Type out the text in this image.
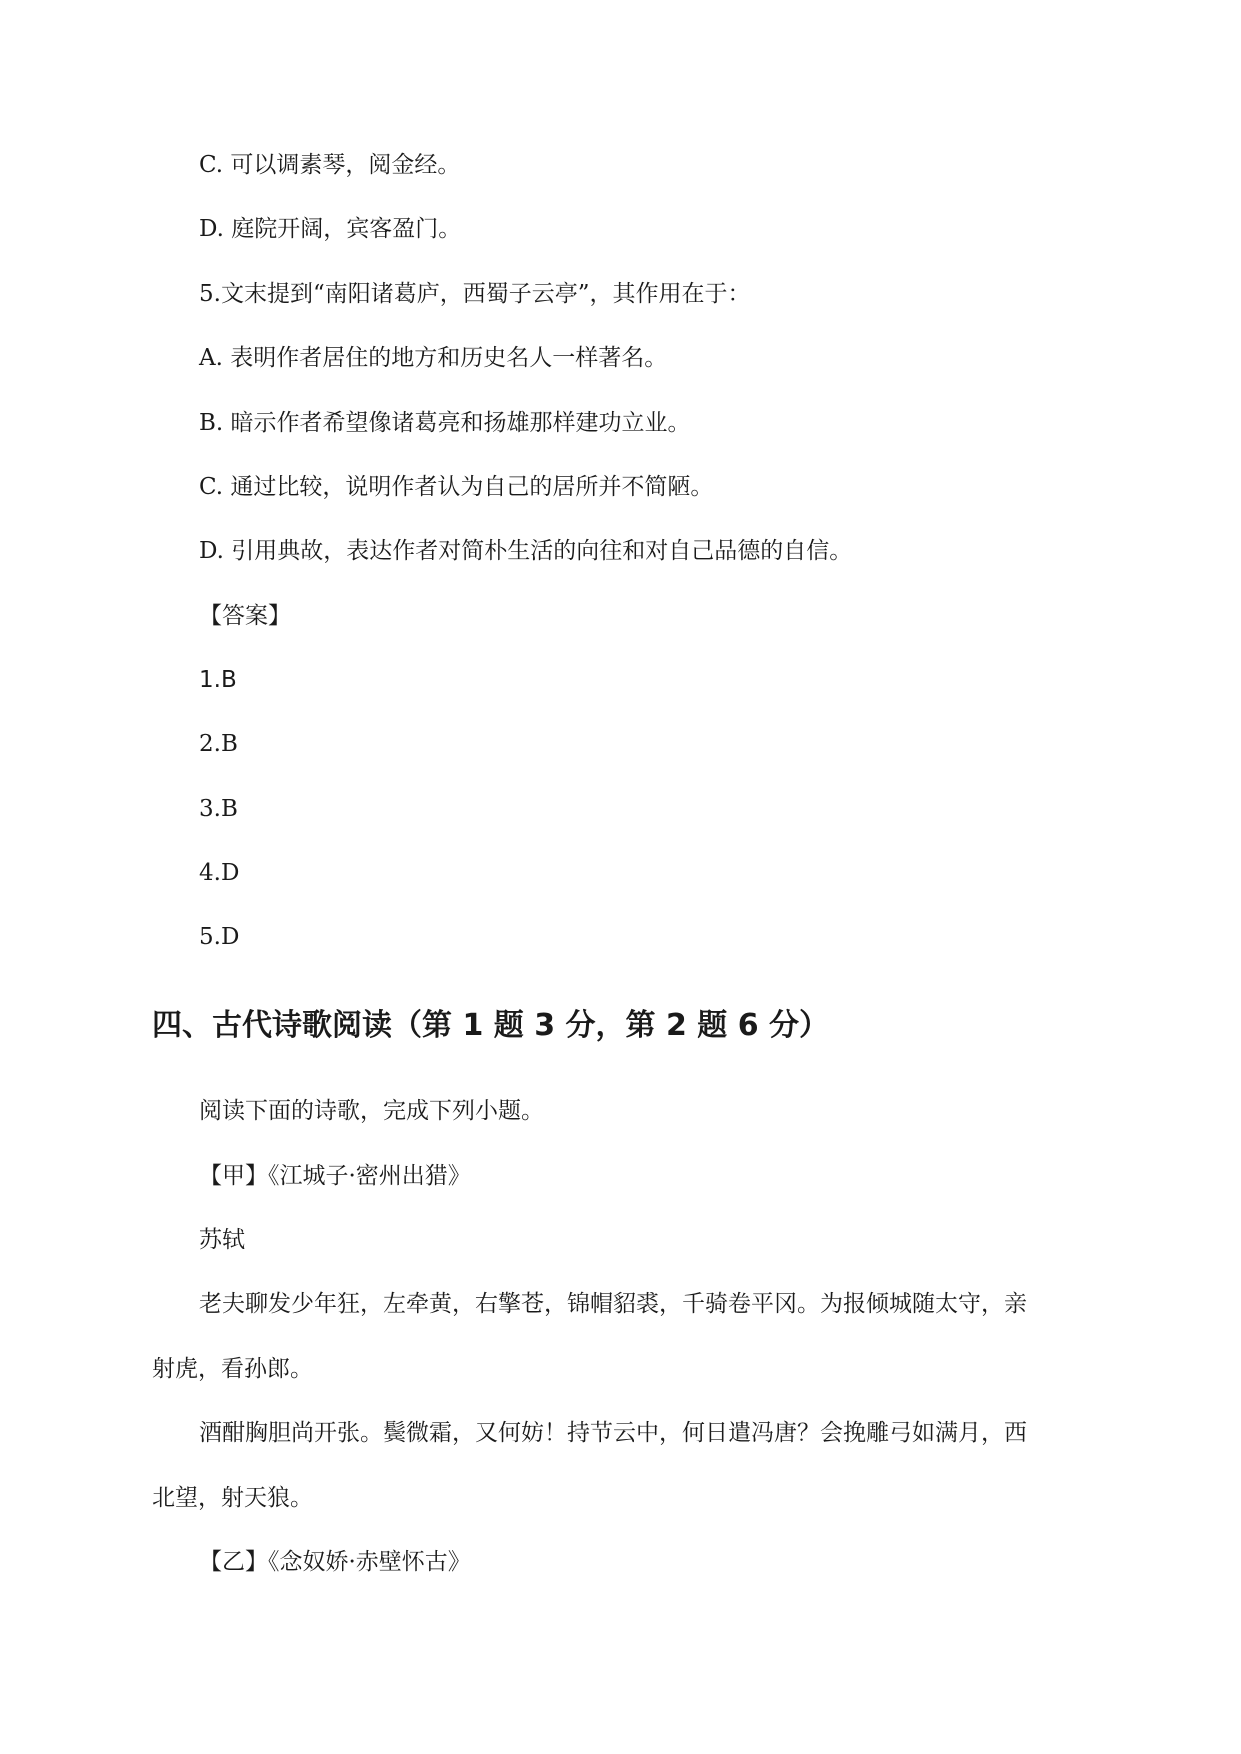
C. 可以调素琴，阅金经。

D. 庭院开阔，宾客盈门。

5.文末提到“南阳诸葛庐，西蜀子云亭”，其作用在于：

A. 表明作者居住的地方和历史名人一样著名。

B. 暗示作者希望像诸葛亮和扬雄那样建功立业。

C. 通过比较，说明作者认为自己的居所并不简陋。

D. 引用典故，表达作者对简朴生活的向往和对自己品德的自信。

【答案】

1.B

2.B

3.B

4.D

5.D

四、古代诗歌阅读（第 1 题 3 分，第 2 题 6 分）

阅读下面的诗歌，完成下列小题。

【甲】《江城子·密州出猎》

苏轼

老夫聊发少年狂，左牵黄，右擎苍，锦帽貂裘，千骑卷平冈。为报倾城随太守，亲

射虎，看孙郎。

酒酣胸胆尚开张。鬓微霜，又何妨！持节云中，何日遣冯唐？会挽雕弓如满月，西

北望，射天狼。

【乙】《念奴娇·赤壁怀古》
